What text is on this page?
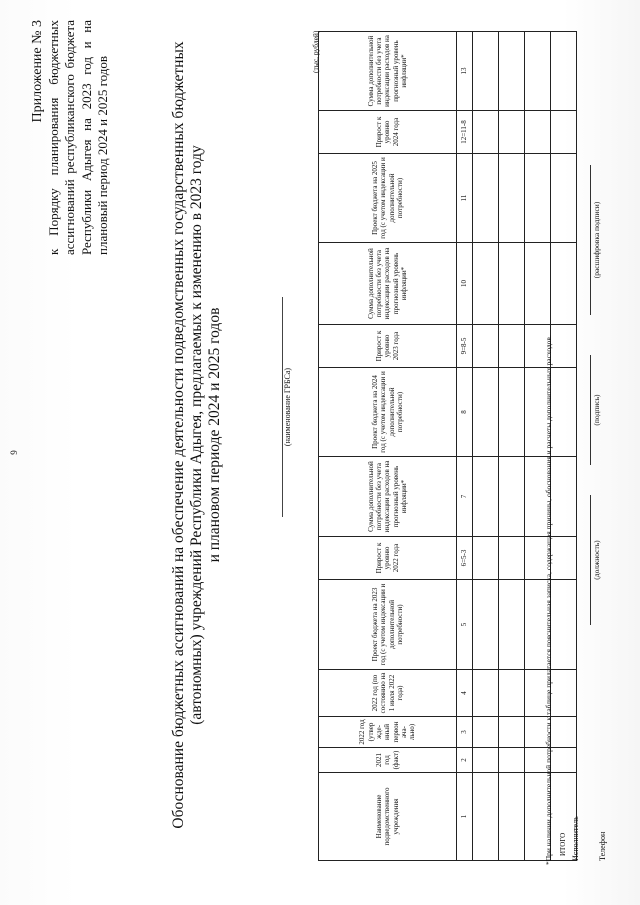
9
Приложение № 3 к Порядку планирования бюджетных ассигнований республиканского бюджета Республики Адыгея на 2023 год и на плановый период 2024 и 2025 годов	Обоснование бюджетных ассигнований на обеспечение деятельности подведомственных государственных бюджетных (автономных) учреждений Республики Адыгея, предлагаемых к изменению в 2023 году и плановом периоде 2024 и 2025 годов	(наименование ГРБСа)
(тыс. рублей)
Наименование подведомственного учреждения	2021 год (факт)	2022 год (утвер жде-нный первон ача-льно)	2022 год (по состоянию на 1 июля 2022 года)	Проект бюджета на 2023 год (с учетом индексации и дополнительной потребности)	Прирост к уровню 2022 года	Сумма дополнительной потребности без учета индексации расходов на прогнозный уровень инфляции*	Проект бюджета на 2024 год (с учетом индексации и дополнительной потребности)	Прирост к уровню 2023 года	Сумма дополнительной потребности без учета индексации расходов на прогнозный уровень инфляции*	Проект бюджета на 2025 год (с учетом индексации и дополнительной потребности)	Прирост к уровню 2024 года	Сумма дополнительной потребности без учета индексации расходов на прогнозный уровень инфляции*
1	2	3	4	5	6=5-3	7	8	9=8-5	10	11	12=11-8	13

ИТОГО												
*При наличии дополнительной потребности к таблице прилагается пояснительная записка, содержащая причины, обоснования и расчеты дополнительных расходов. Исполнитель Телефон
(должность)
(подпись)
(расшифровка подписи)
